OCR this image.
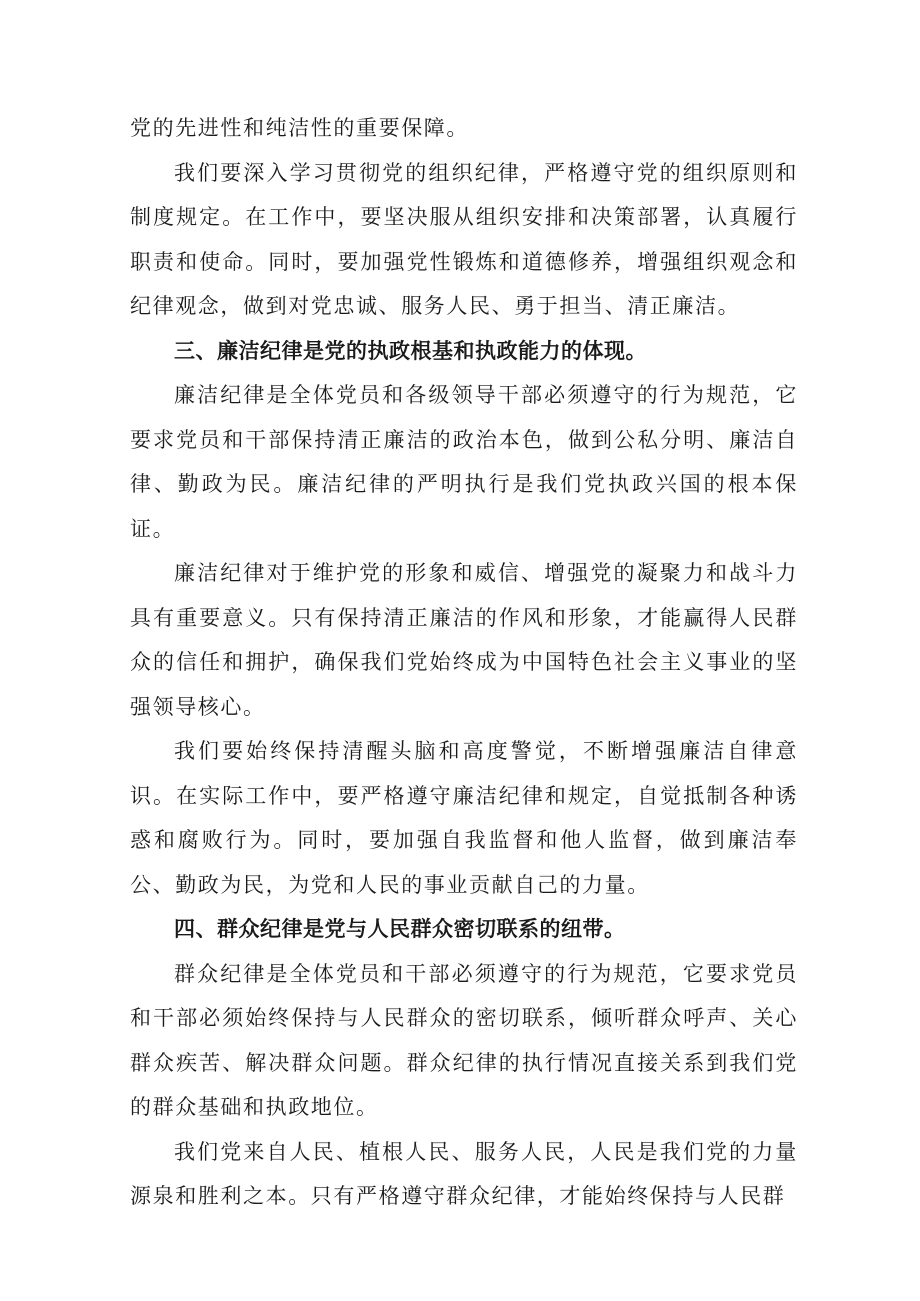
党的先进性和纯洁性的重要保障。

我们要深入学习贯彻党的组织纪律，严格遵守党的组织原则和制度规定。在工作中，要坚决服从组织安排和决策部署，认真履行职责和使命。同时，要加强党性锻炼和道德修养，增强组织观念和纪律观念，做到对党忠诚、服务人民、勇于担当、清正廉洁。

三、廉洁纪律是党的执政根基和执政能力的体现。

廉洁纪律是全体党员和各级领导干部必须遵守的行为规范，它要求党员和干部保持清正廉洁的政治本色，做到公私分明、廉洁自律、勤政为民。廉洁纪律的严明执行是我们党执政兴国的根本保证。

廉洁纪律对于维护党的形象和威信、增强党的凝聚力和战斗力具有重要意义。只有保持清正廉洁的作风和形象，才能赢得人民群众的信任和拥护，确保我们党始终成为中国特色社会主义事业的坚强领导核心。

我们要始终保持清醒头脑和高度警觉，不断增强廉洁自律意识。在实际工作中，要严格遵守廉洁纪律和规定，自觉抵制各种诱惑和腐败行为。同时，要加强自我监督和他人监督，做到廉洁奉公、勤政为民，为党和人民的事业贡献自己的力量。

四、群众纪律是党与人民群众密切联系的纽带。

群众纪律是全体党员和干部必须遵守的行为规范，它要求党员和干部必须始终保持与人民群众的密切联系，倾听群众呼声、关心群众疾苦、解决群众问题。群众纪律的执行情况直接关系到我们党的群众基础和执政地位。

我们党来自人民、植根人民、服务人民，人民是我们党的力量源泉和胜利之本。只有严格遵守群众纪律，才能始终保持与人民群
